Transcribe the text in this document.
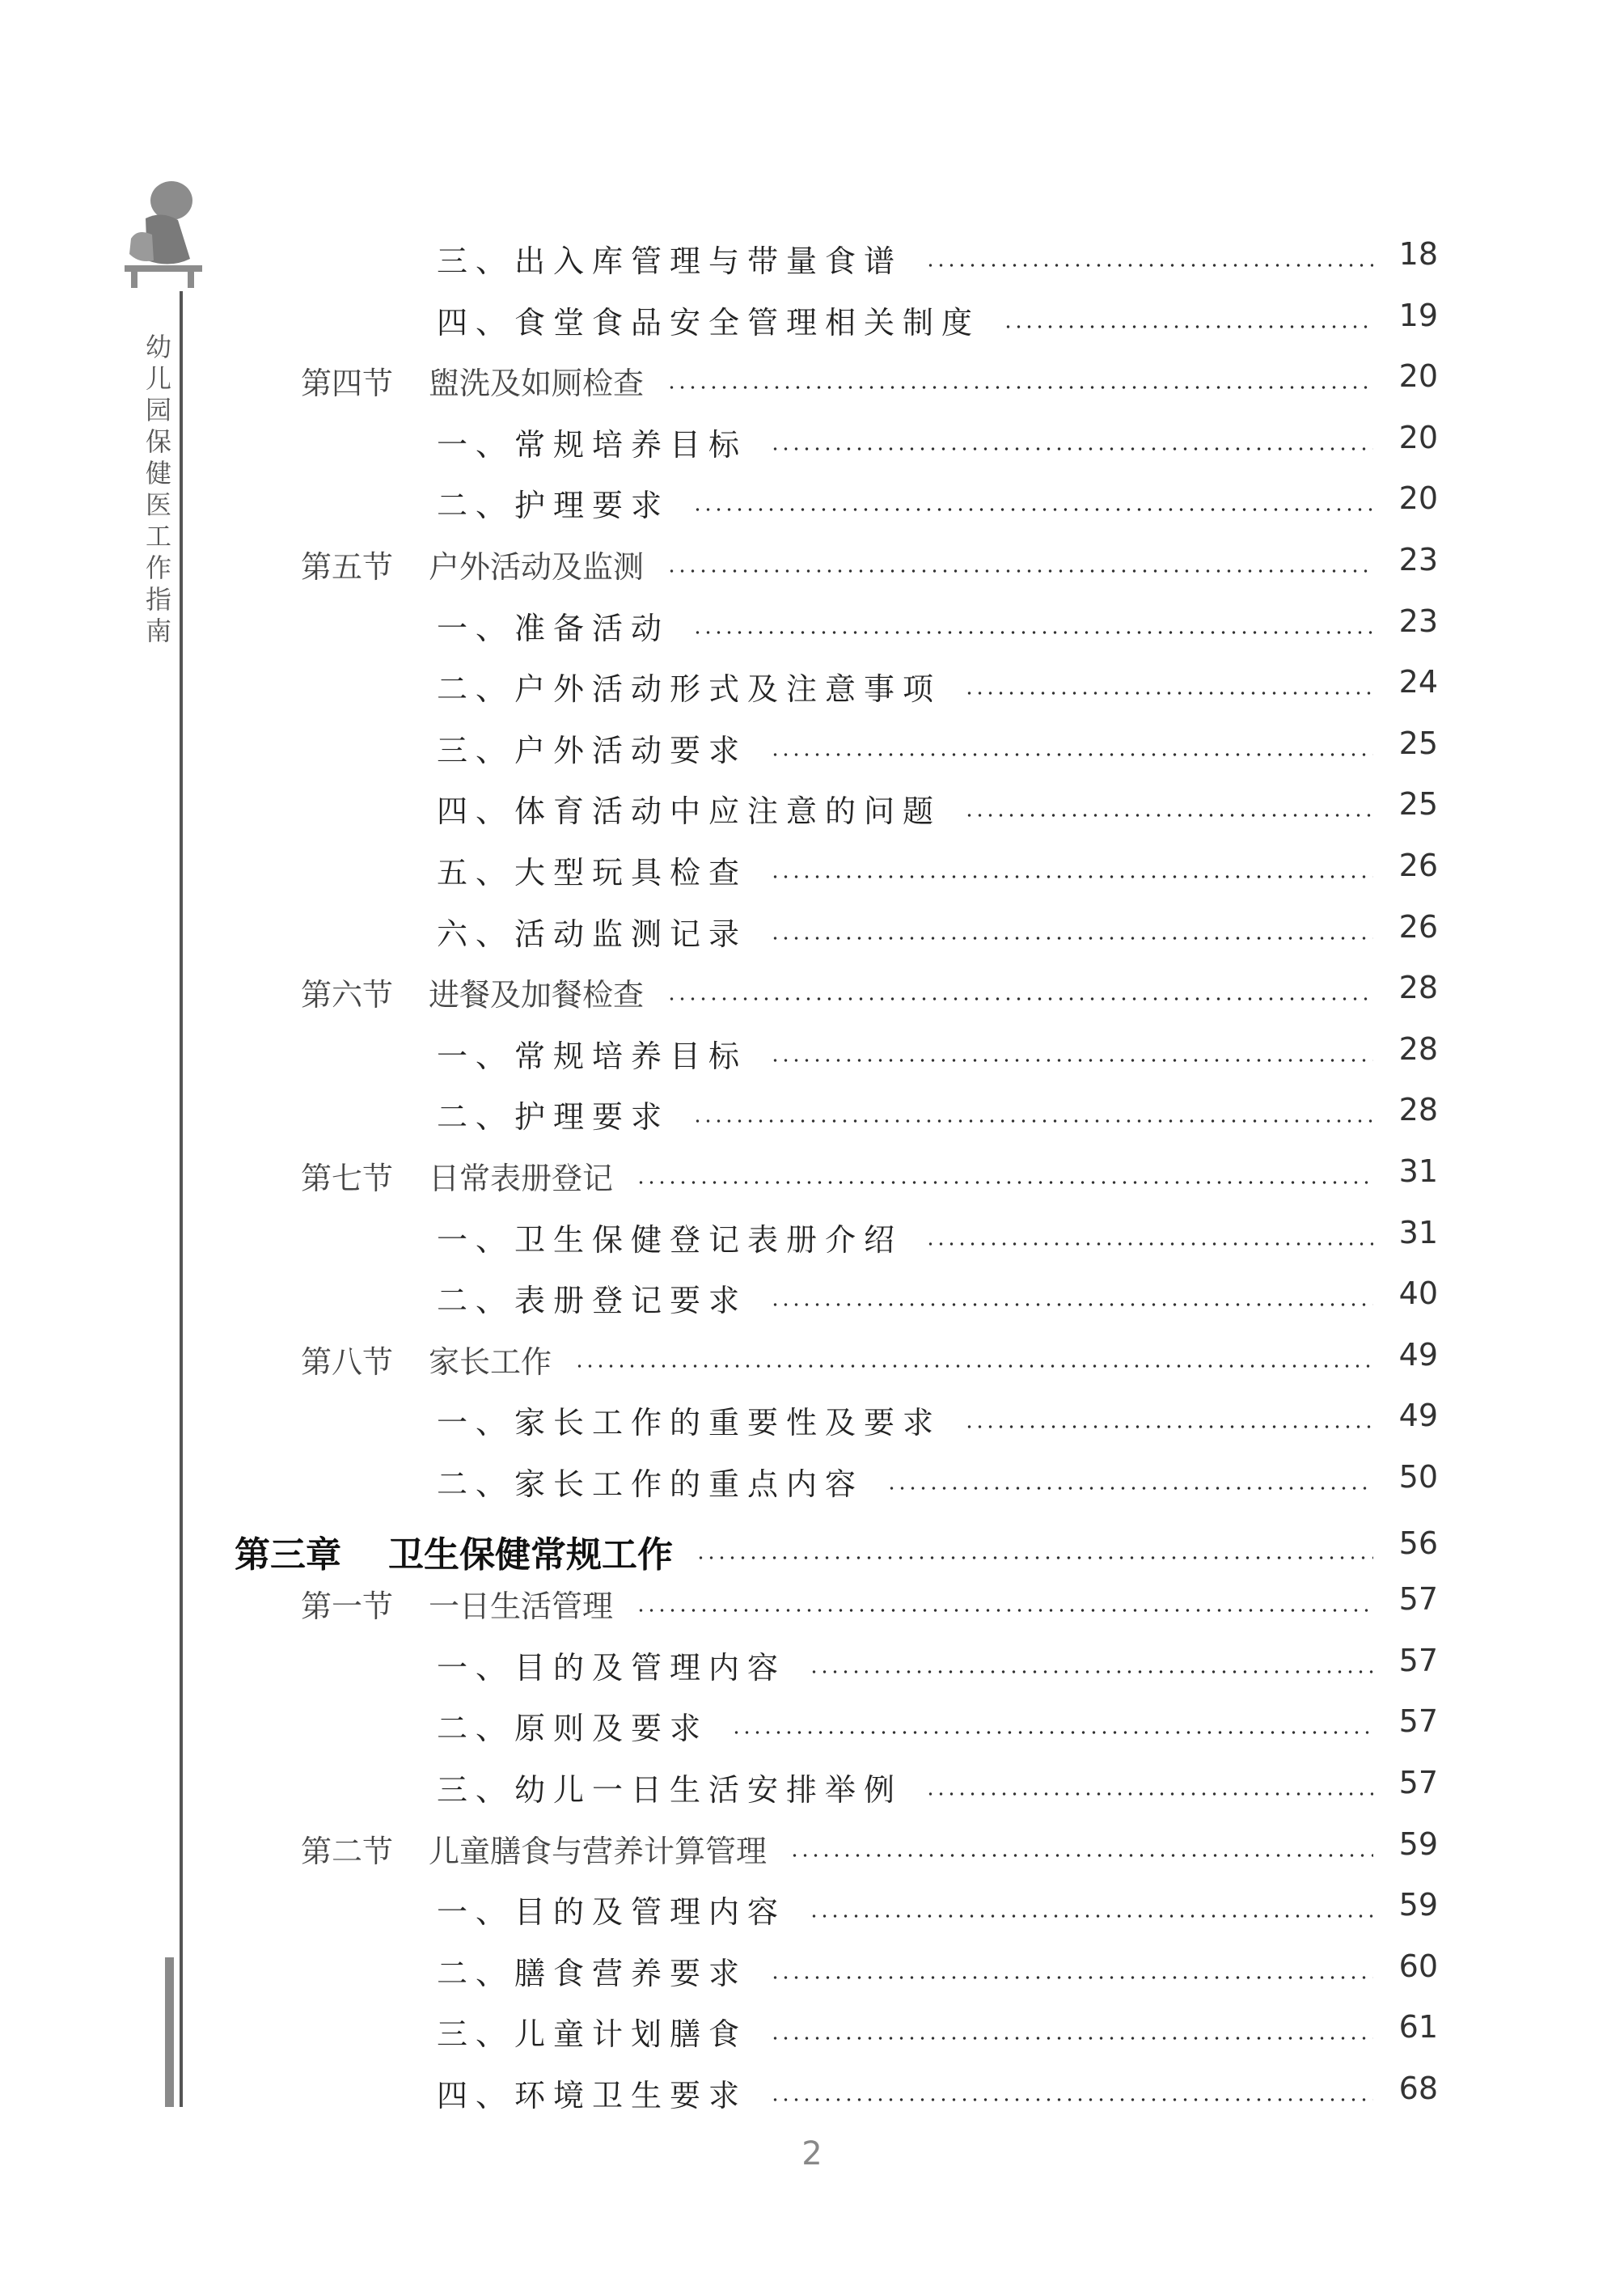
幼
儿
园
保
健
医
工
作
指
南
三、出入库管理与带量食谱	18
四、食堂食品安全管理相关制度	19
第四节 盥洗及如厕检查	20
一、常规培养目标	20
二、护理要求	20
第五节 户外活动及监测	23
一、准备活动	23
二、户外活动形式及注意事项	24
三、户外活动要求	25
四、体育活动中应注意的问题	25
五、大型玩具检查	26
六、活动监测记录	26
第六节 进餐及加餐检查	28
一、常规培养目标	28
二、护理要求	28
第七节 日常表册登记	31
一、卫生保健登记表册介绍	31
二、表册登记要求	40
第八节 家长工作	49
一、家长工作的重要性及要求	49
二、家长工作的重点内容	50
第三章 卫生保健常规工作	56
第一节 一日生活管理	57
一、目的及管理内容	57
二、原则及要求	57
三、幼儿一日生活安排举例	57
第二节 儿童膳食与营养计算管理	59
一、目的及管理内容	59
二、膳食营养要求	60
三、儿童计划膳食	61
四、环境卫生要求	68
2
